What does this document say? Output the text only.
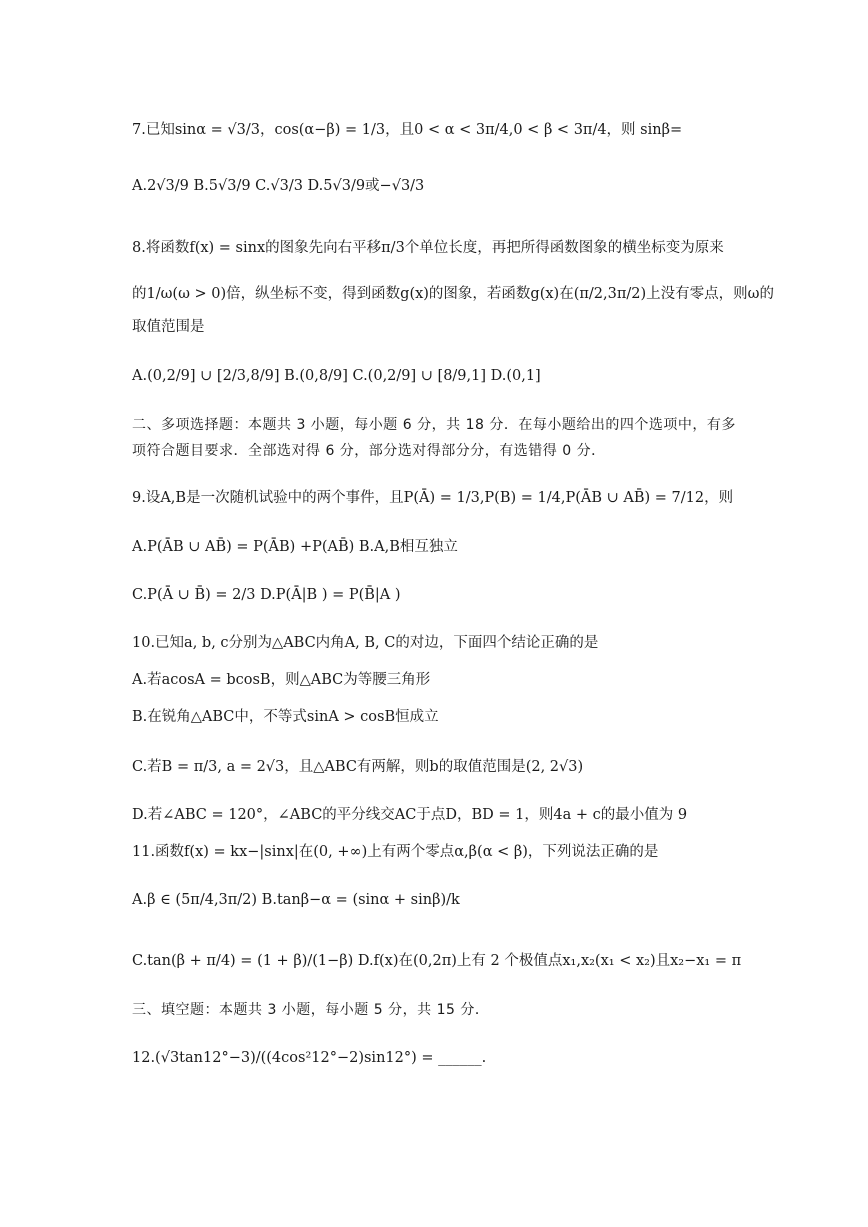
7.已知sinα = √3/3，cos(α−β) = 1/3，且0 < α < 3π/4,0 < β < 3π/4，则 sinβ=
A.2√3/9 B.5√3/9 C.√3/3 D.5√3/9或−√3/3
8.将函数f(x) = sinx的图象先向右平移π/3个单位长度，再把所得函数图象的横坐标变为原来
的1/ω(ω > 0)倍，纵坐标不变，得到函数g(x)的图象，若函数g(x)在(π/2,3π/2)上没有零点，则ω的
取值范围是
A.(0,2/9] ∪ [2/3,8/9] B.(0,8/9] C.(0,2/9] ∪ [8/9,1] D.(0,1]
二、多项选择题：本题共 3 小题，每小题 6 分，共 18 分．在每小题给出的四个选项中，有多项符合题目要求．全部选对得 6 分，部分选对得部分分，有选错得 0 分．
9.设A,B是一次随机试验中的两个事件，且P(Ā) = 1/3,P(B) = 1/4,P(ĀB ∪ AB̄) = 7/12，则
A.P(ĀB ∪ AB̄) = P(ĀB) +P(AB̄) B.A,B相互独立
C.P(Ā ∪ B̄) = 2/3 D.P(Ā|B ) = P(B̄|A )
10.已知a, b, c分别为△ABC内角A, B, C的对边，下面四个结论正确的是
A.若acosA = bcosB，则△ABC为等腰三角形
B.在锐角△ABC中，不等式sinA > cosB恒成立
C.若B = π/3, a = 2√3，且△ABC有两解，则b的取值范围是(2, 2√3)
D.若∠ABC = 120°，∠ABC的平分线交AC于点D，BD = 1，则4a + c的最小值为 9
11.函数f(x) = kx−|sinx|在(0, +∞)上有两个零点α,β(α < β)，下列说法正确的是
A.β ∈ (5π/4,3π/2) B.tanβ−α = (sinα + sinβ)/k
C.tan(β + π/4) = (1 + β)/(1−β) D.f(x)在(0,2π)上有 2 个极值点x₁,x₂(x₁ < x₂)且x₂−x₁ = π
三、填空题：本题共 3 小题，每小题 5 分，共 15 分．
12.(√3tan12°−3)/((4cos²12°−2)sin12°) = ______.
